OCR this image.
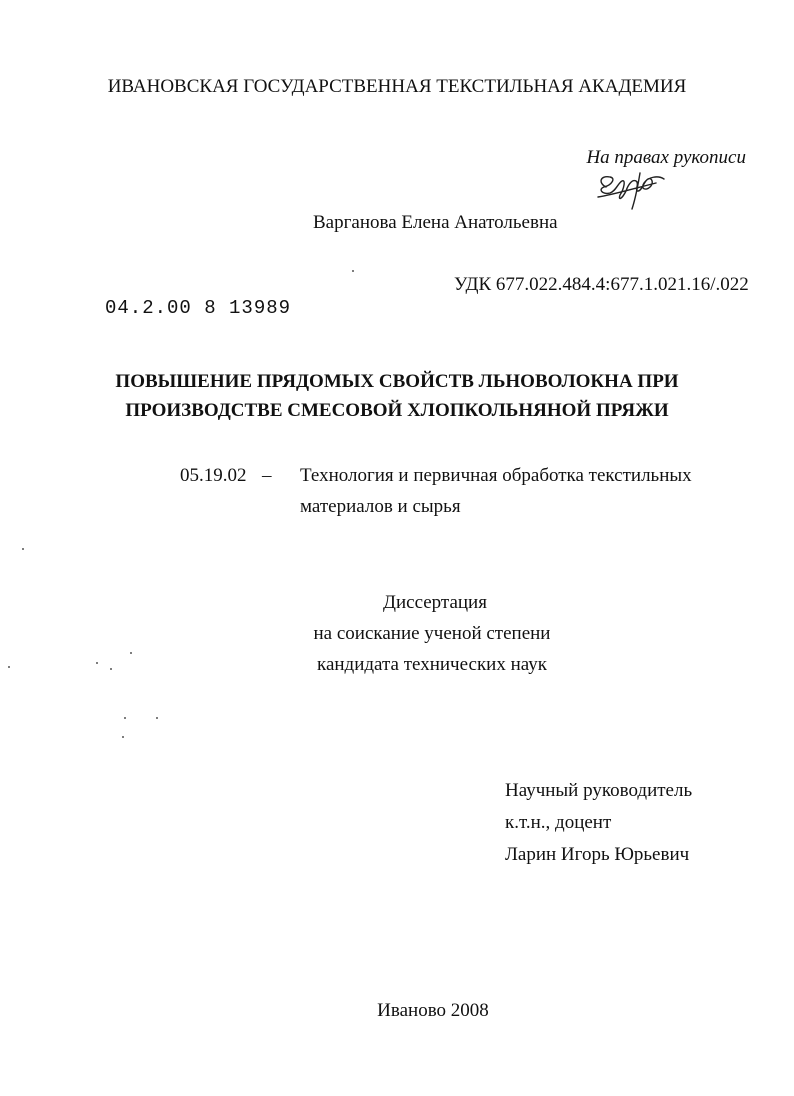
ИВАНОВСКАЯ ГОСУДАРСТВЕННАЯ ТЕКСТИЛЬНАЯ АКАДЕМИЯ
На правах рукописи
Варганова Елена Анатольевна
УДК 677.022.484.4:677.1.021.16/.022
04.2.00 8 13989
ПОВЫШЕНИЕ ПРЯДОМЫХ СВОЙСТВ ЛЬНОВОЛОКНА ПРИ
ПРОИЗВОДСТВЕ СМЕСОВОЙ ХЛОПКОЛЬНЯНОЙ ПРЯЖИ
05.19.02 – Технология и первичная обработка текстильных
материалов и сырья
Диссертация
на соискание ученой степени
кандидата технических наук
Научный руководитель
к.т.н., доцент
Ларин Игорь Юрьевич
Иваново 2008
